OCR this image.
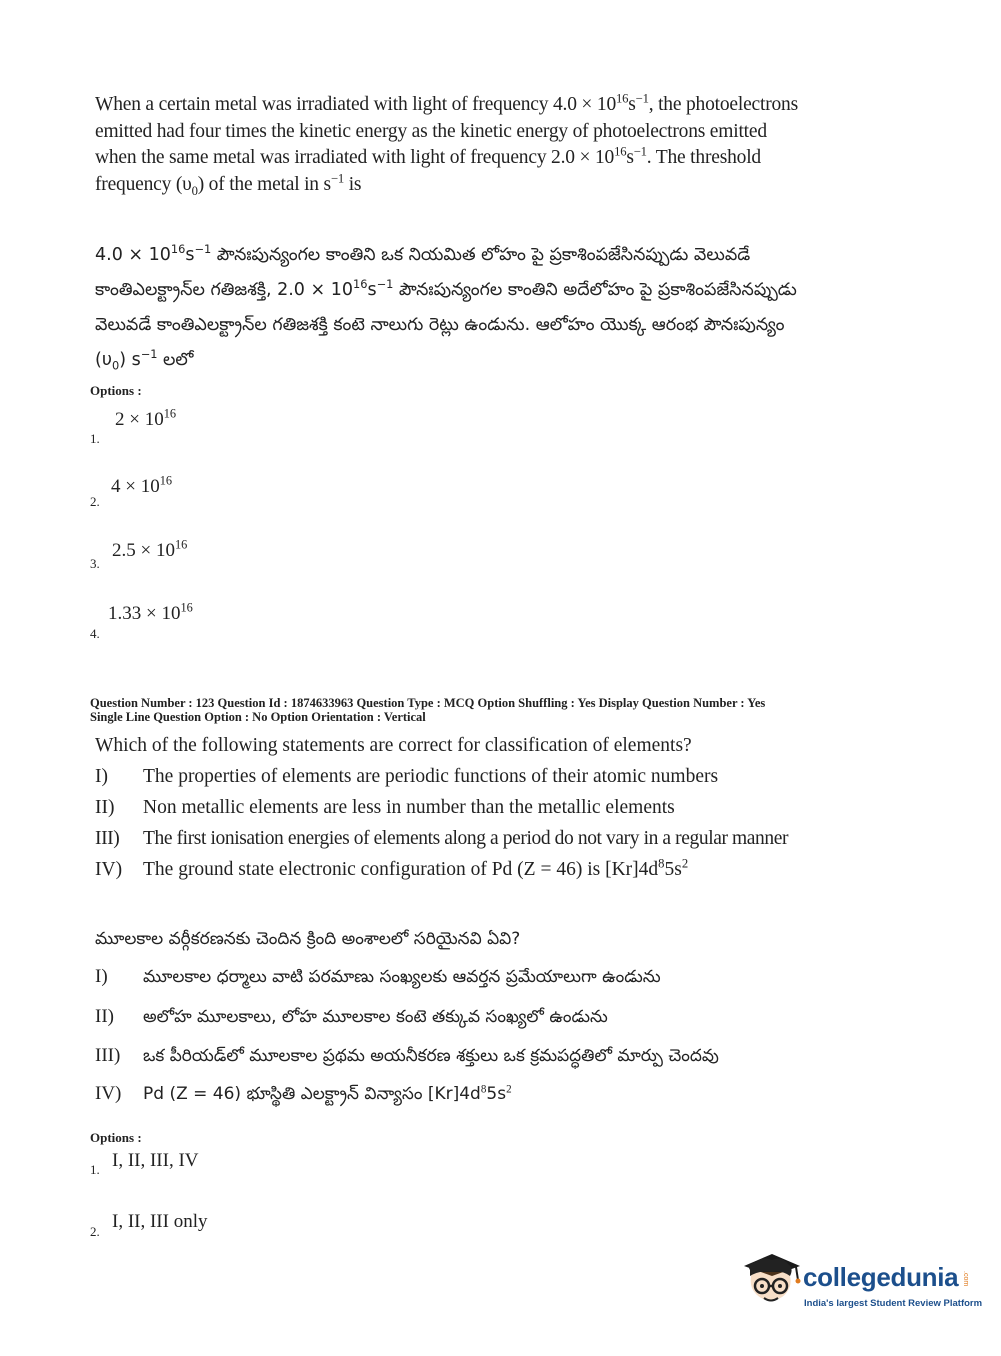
When a certain metal was irradiated with light of frequency $4.0 \times 10^{16}s^{-1}$, the photoelectrons

emitted had four times the kinetic energy as the kinetic energy of photoelectrons emitted

when the same metal was irradiated with light of frequency $2.0 \times 10^{16}s^{-1}$. The threshold

frequency $(\upsilon_0)$ of the metal in $s^{-1}$ is

$4.0 \times 10^{16}s^{-1}$ పౌనఃపున్యంగల కాంతిని ఒక నియమిత లోహం పై ప్రకాశింపజేసినప్పుడు వెలువడే

కాంతిఎలక్ట్రాన్‌ల గతిజశక్తి, $2.0 \times 10^{16}s^{-1}$ పౌనఃపున్యంగల కాంతిని అదేలోహం పై ప్రకాశింపజేసినప్పుడు

వెలువడే కాంతిఎలక్ట్రాన్‌ల గతిజశక్తి కంటె నాలుగు రెట్లు ఉండును. ఆలోహం యొక్క ఆరంభ పౌనఃపున్యం

$(\upsilon_0)$ $s^{-1}$ లలో

Options :
$2 \times 10^{16}$
1.
$4 \times 10^{16}$
2.
$2.5 \times 10^{16}$
3.
$1.33 \times 10^{16}$
4.

Question Number : 123 Question Id : 1874633963 Question Type : MCQ Option Shuffling : Yes Display Question Number : Yes

Single Line Question Option : No Option Orientation : Vertical

Which of the following statements are correct for classification of elements?
I) The properties of elements are periodic functions of their atomic numbers
II) Non metallic elements are less in number than the metallic elements
III) The first ionisation energies of elements along a period do not vary in a regular manner
IV) The ground state electronic configuration of Pd (Z = 46) is $[Kr]4d^85s^2$
మూలకాల వర్గీకరణనకు చెందిన క్రింది అంశాలలో సరియైనవి ఏవి?
I) మూలకాల ధర్మాలు వాటి పరమాణు సంఖ్యలకు ఆవర్తన ప్రమేయాలుగా ఉండును
II) అలోహ మూలకాలు, లోహ మూలకాల కంటె తక్కువ సంఖ్యలో ఉండును
III) ఒక పీరియడ్‌లో మూలకాల ప్రథమ అయనీకరణ శక్తులు ఒక క్రమపద్ధతిలో మార్పు చెందవు
IV) Pd (Z = 46) భూస్థితి ఎలక్ట్రాన్ విన్యాసం $[Kr]4d^85s^2$
Options :
I, II, III, IV
1.
I, II, III only
2.
collegedunia .com
India's largest Student Review Platform
